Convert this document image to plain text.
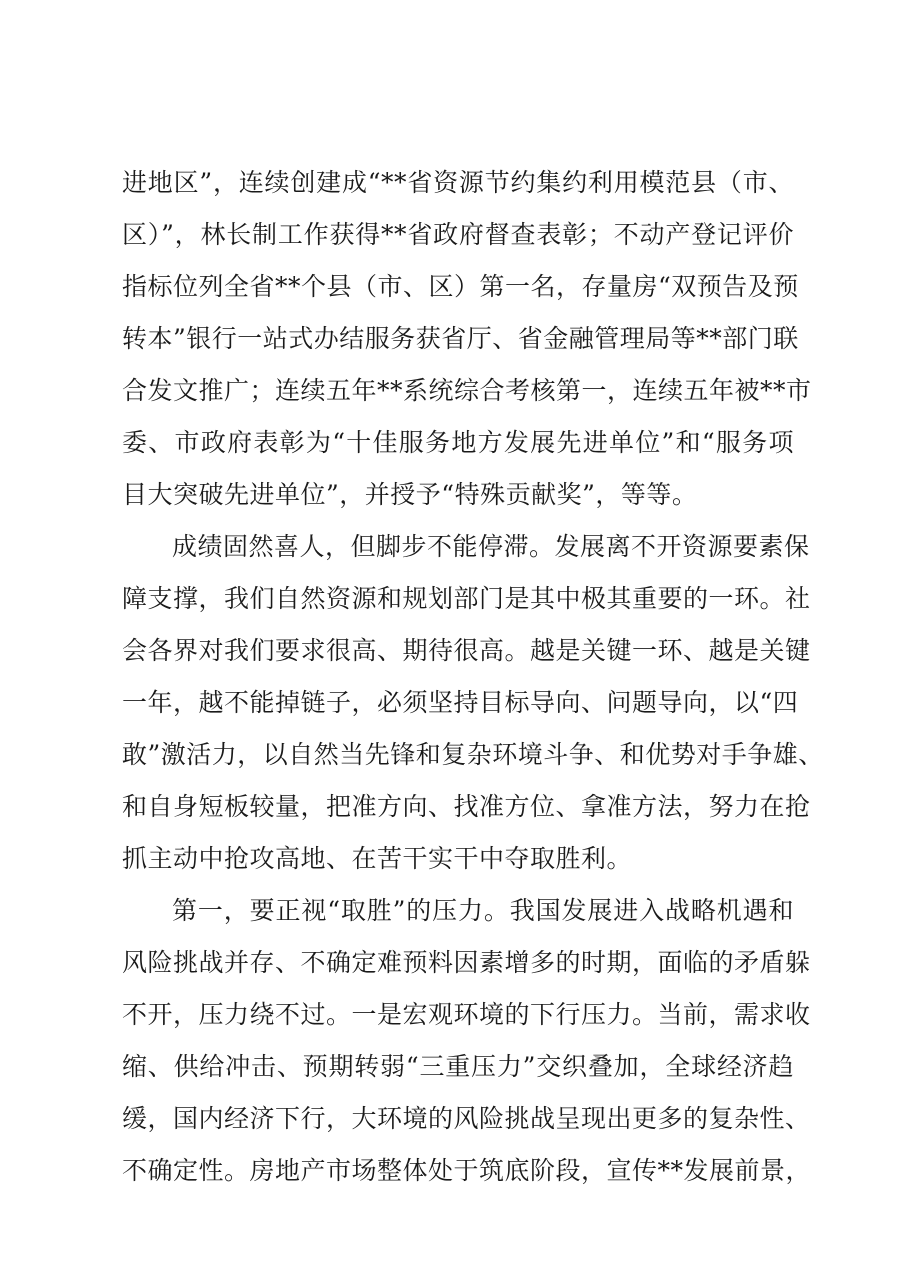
进地区”，连续创建成“**省资源节约集约利用模范县（市、
区）”，林长制工作获得**省政府督查表彰；不动产登记评价
指标位列全省**个县（市、区）第一名，存量房“双预告及预
转本”银行一站式办结服务获省厅、省金融管理局等**部门联
合发文推广；连续五年**系统综合考核第一，连续五年被**市
委、市政府表彰为“十佳服务地方发展先进单位”和“服务项
目大突破先进单位”，并授予“特殊贡献奖”，等等。
成绩固然喜人，但脚步不能停滞。发展离不开资源要素保
障支撑，我们自然资源和规划部门是其中极其重要的一环。社
会各界对我们要求很高、期待很高。越是关键一环、越是关键
一年，越不能掉链子，必须坚持目标导向、问题导向，以“四
敢”激活力，以自然当先锋和复杂环境斗争、和优势对手争雄、
和自身短板较量，把准方向、找准方位、拿准方法，努力在抢
抓主动中抢攻高地、在苦干实干中夺取胜利。
第一，要正视“取胜”的压力。我国发展进入战略机遇和
风险挑战并存、不确定难预料因素增多的时期，面临的矛盾躲
不开，压力绕不过。一是宏观环境的下行压力。当前，需求收
缩、供给冲击、预期转弱“三重压力”交织叠加，全球经济趋
缓，国内经济下行，大环境的风险挑战呈现出更多的复杂性、
不确定性。房地产市场整体处于筑底阶段，宣传**发展前景，
